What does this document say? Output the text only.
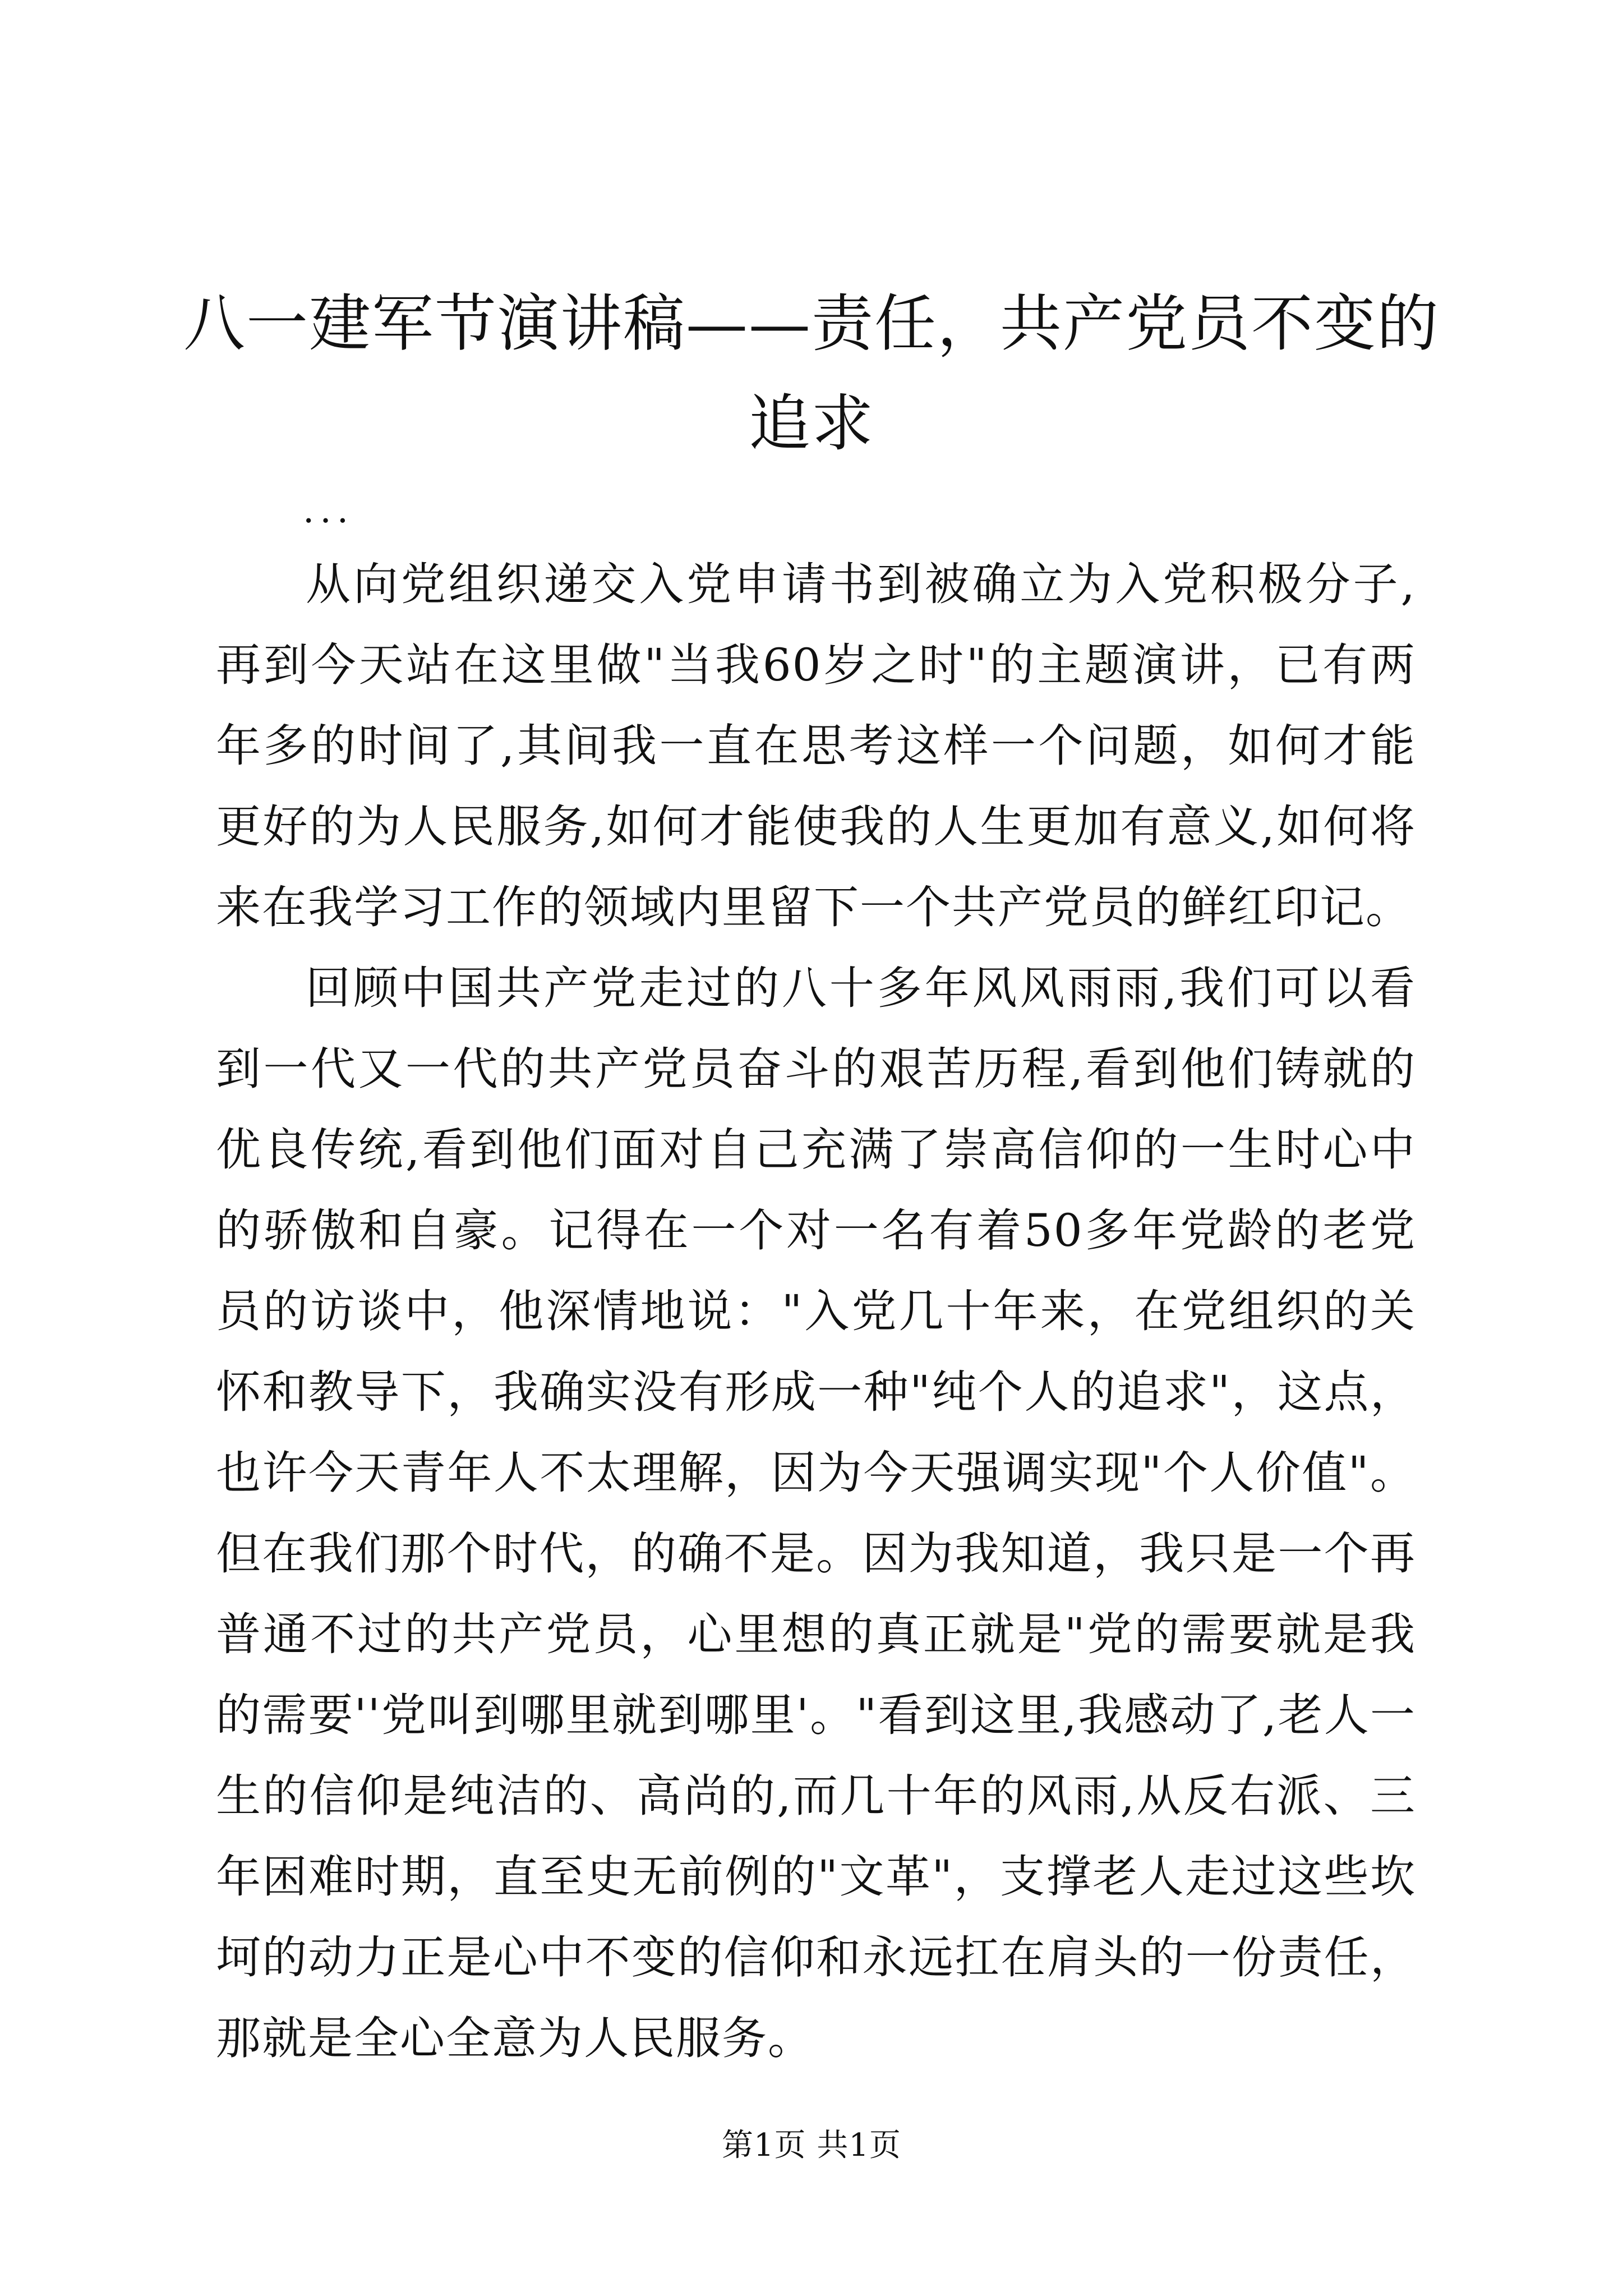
八一建军节演讲稿——责任，共产党员不变的追求
...

从向党组织递交入党申请书到被确立为入党积极分子,再到今天站在这里做"当我60岁之时"的主题演讲，已有两年多的时间了,其间我一直在思考这样一个问题，如何才能更好的为人民服务,如何才能使我的人生更加有意义,如何将来在我学习工作的领域内里留下一个共产党员的鲜红印记。

回顾中国共产党走过的八十多年风风雨雨,我们可以看到一代又一代的共产党员奋斗的艰苦历程,看到他们铸就的优良传统,看到他们面对自己充满了崇高信仰的一生时心中的骄傲和自豪。记得在一个对一名有着50多年党龄的老党员的访谈中，他深情地说："入党几十年来，在党组织的关怀和教导下，我确实没有形成一种"纯个人的追求"，这点，也许今天青年人不太理解，因为今天强调实现"个人价值"。但在我们那个时代，的确不是。因为我知道，我只是一个再普通不过的共产党员，心里想的真正就是"党的需要就是我的需要''党叫到哪里就到哪里'。"看到这里,我感动了,老人一生的信仰是纯洁的、高尚的,而几十年的风雨,从反右派、三年困难时期，直至史无前例的"文革"，支撑老人走过这些坎坷的动力正是心中不变的信仰和永远扛在肩头的一份责任，那就是全心全意为人民服务。

第1页 共1页
